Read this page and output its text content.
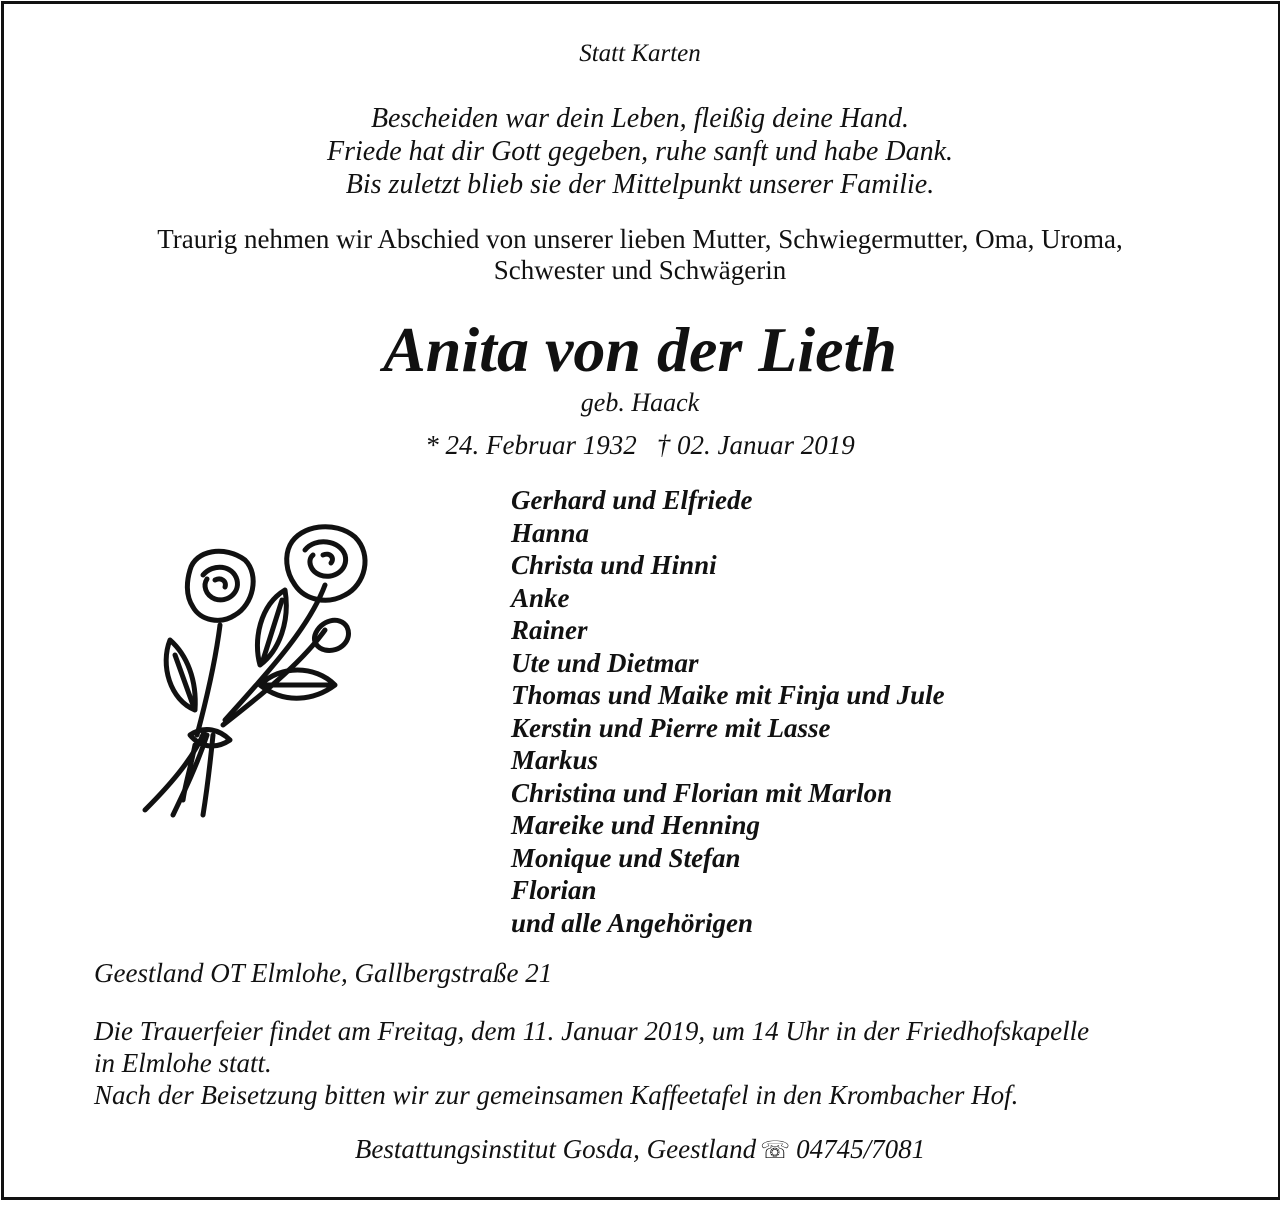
Statt Karten

Bescheiden war dein Leben, fleißig deine Hand.
Friede hat dir Gott gegeben, ruhe sanft und habe Dank.
Bis zuletzt blieb sie der Mittelpunkt unserer Familie.
Traurig nehmen wir Abschied von unserer lieben Mutter, Schwiegermutter, Oma, Uroma,
Schwester und Schwägerin

Anita von der Lieth

geb. Haack

* 24. Februar 1932 † 02. Januar 2019

Gerhard und Elfriede
Hanna
Christa und Hinni
Anke
Rainer
Ute und Dietmar
Thomas und Maike mit Finja und Jule
Kerstin und Pierre mit Lasse
Markus
Christina und Florian mit Marlon
Mareike und Henning
Monique und Stefan
Florian
und alle Angehörigen

Geestland OT Elmlohe, Gallbergstraße 21

Die Trauerfeier findet am Freitag, dem 11. Januar 2019, um 14 Uhr in der Friedhofskapelle
in Elmlohe statt.
Nach der Beisetzung bitten wir zur gemeinsamen Kaffeetafel in den Krombacher Hof.

Bestattungsinstitut Gosda, Geestland ☏ 04745/7081
